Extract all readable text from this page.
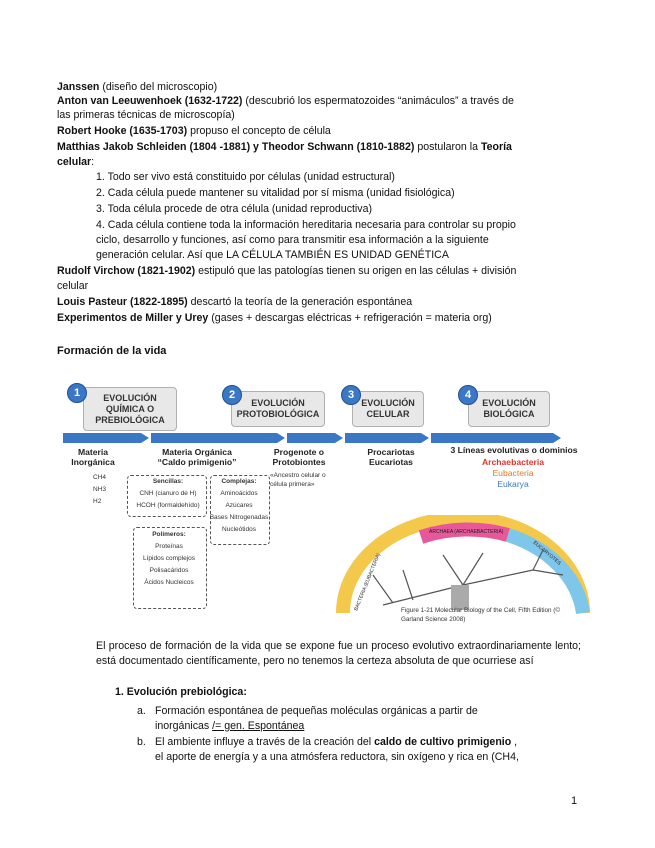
Janssen (diseño del microscopio)
Anton van Leeuwenhoek (1632-1722) (descubrió los espermatozoides “animáculos” a través de
las primeras técnicas de microscopía)
Robert Hooke (1635-1703) propuso el concepto de célula
Matthias Jakob Schleiden (1804 -1881) y Theodor Schwann (1810-1882) postularon la Teoría
celular:
1. Todo ser vivo está constituido por células (unidad estructural)
2. Cada célula puede mantener su vitalidad por sí misma (unidad fisiológica)
3. Toda célula procede de otra célula (unidad reproductiva)
4. Cada célula contiene toda la información hereditaria necesaria para controlar su propio
ciclo, desarrollo y funciones, así como para transmitir esa información a la siguiente
generación celular. Así que LA CÉLULA TAMBIÉN ES UNIDAD GENÉTICA
Rudolf Virchow (1821-1902) estipuló que las patologías tienen su origen en las células + división
celular
Louis Pasteur (1822-1895) descartó la teoría de la generación espontánea
Experimentos de Miller y Urey (gases + descargas eléctricas + refrigeración = materia org)
Formación de la vida
EVOLUCIÓN QUÍMICA O PREBIOLÓGICA
1
EVOLUCIÓN PROTOBIOLÓGICA
2
EVOLUCIÓN CELULAR
3
EVOLUCIÓN BIOLÓGICA
4
Materia Inorgánica
Materia Orgánica “Caldo primigenio”
Progenote o Protobiontes
Procariotas Eucariotas
3 Líneas evolutivas o dominios
Archaebacteria
Eubacteria
Eukarya
CH4
NH3
H2
Sencillas:
CNH (cianuro de H)
HCOH (formaldehído)
Complejas:
Aminoácidos
Azúcares
Bases Nitrogenadas
Nucleótidos
Polímeros:
Proteínas
Lípidos complejos
Polisacáridos
Ácidos Nucleicos
«Ancestro celular o célula primera»
BACTERIA (EUBACTERIA)
ARCHAEA (ARCHAEBACTERIA)
EUCARYOTES
Figure 1-21 Molecular Biology of the Cell, Fifth Edition (© Garland Science 2008)
El proceso de formación de la vida que se expone fue un proceso evolutivo extraordinariamente lento; está documentado científicamente, pero no tenemos la certeza absoluta de que ocurriese así
1. Evolución prebiológica:
a. Formación espontánea de pequeñas moléculas orgánicas a partir de
inorgánicas /= gen. Espontánea
b. El ambiente influye a través de la creación del caldo de cultivo primigenio ,
el aporte de energía y a una atmósfera reductora, sin oxígeno y rica en (CH4,
1
